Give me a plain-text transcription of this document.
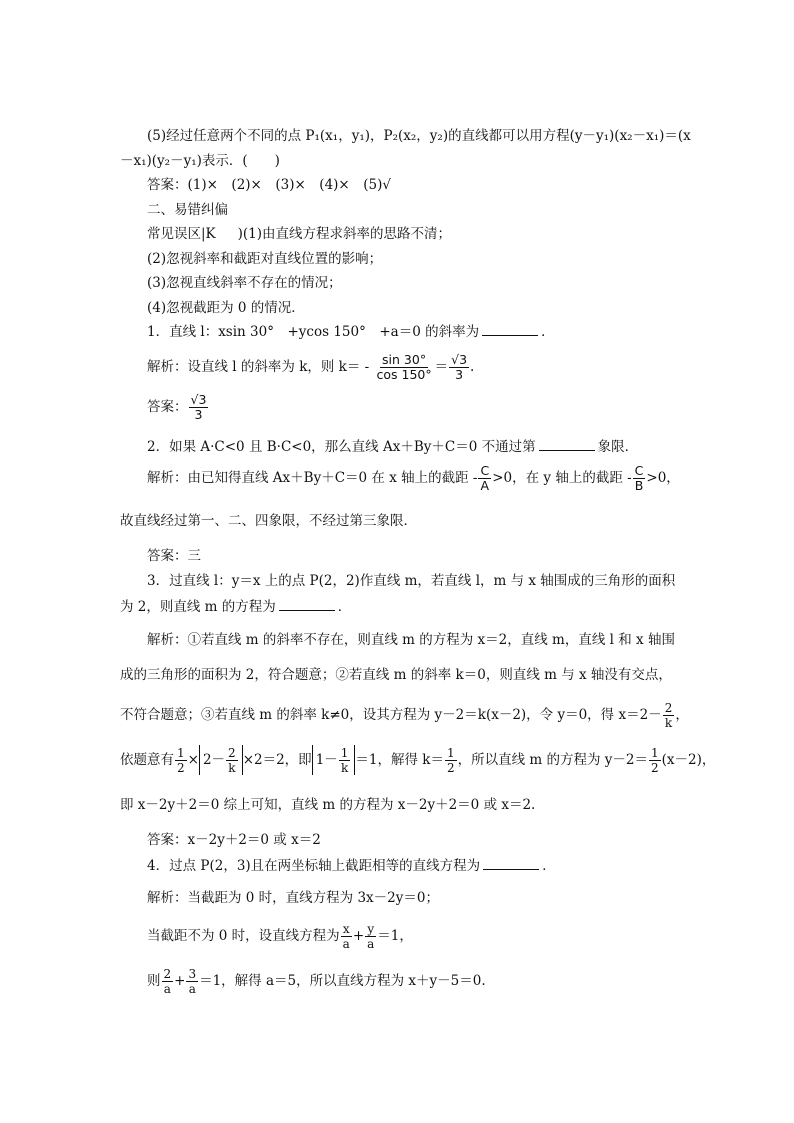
(5)经过任意两个不同的点 P₁(x₁，y₁)，P₂(x₂，y₂)的直线都可以用方程(y－y₁)(x₂－x₁)＝(x
－x₁)(y₂－y₁)表示．(　　)
答案：(1)×　(2)×　(3)×　(4)×　(5)√
二、易错纠偏
常见误区|K )(1)由直线方程求斜率的思路不清；
(2)忽视斜率和截距对直线位置的影响；
(3)忽视直线斜率不存在的情况；
(4)忽视截距为 0 的情况．
1．直线 l：xsin 30°　+ycos 150°　+a＝0 的斜率为	．
解析：设直线 l 的斜率为 k，则 $k= - \frac{\sin 30^\circ}{\cos 150^\circ} = \frac{√3}{3}$ .
答案： $\frac{√3}{3}$
2．如果 A·C<0 且 B·C<0，那么直线 Ax＋By＋C＝0 不通过第	象限．
解析：由已知得直线 Ax＋By＋C＝0 在 x 轴上的截距 - $\frac{C}{A} >0$，在 y 轴上的截距 - $\frac{C}{B} >0$，
故直线经过第一、二、四象限，不经过第三象限．
答案：三
3．过直线 l：y＝x 上的点 P(2，2)作直线 m，若直线 l，m 与 x 轴围成的三角形的面积
为 2，则直线 m 的方程为	．
解析：①若直线 m 的斜率不存在，则直线 m 的方程为 x＝2，直线 m，直线 l 和 x 轴围
成的三角形的面积为 2，符合题意；②若直线 m 的斜率 k＝0，则直线 m 与 x 轴没有交点，
不符合题意；③若直线 m 的斜率 k≠0，设其方程为 y－2＝k(x－2)，令 y＝0，得 $x=2- \frac{2}{k}$ ，
依题意有 $\frac{1}{2} \times 2- \frac{2}{k} \times 2=2$，即 $1- \frac{1}{k} =1$，解得 $k= \frac{1}{2}$ ，所以直线 m 的方程为 $y-2= \frac{1}{2} (x-2)$，
即 x－2y＋2＝0 综上可知，直线 m 的方程为 x－2y＋2＝0 或 x＝2.
答案：x－2y＋2＝0 或 x＝2
4．过点 P(2，3)且在两坐标轴上截距相等的直线方程为	．
解析：当截距为 0 时，直线方程为 3x－2y＝0；
当截距不为 0 时，设直线方程为 $\frac{x}{a} + \frac{y}{a} =1$，
则 $\frac{2}{a} + \frac{3}{a} =1$，解得 a＝5，所以直线方程为 x＋y－5＝0.
